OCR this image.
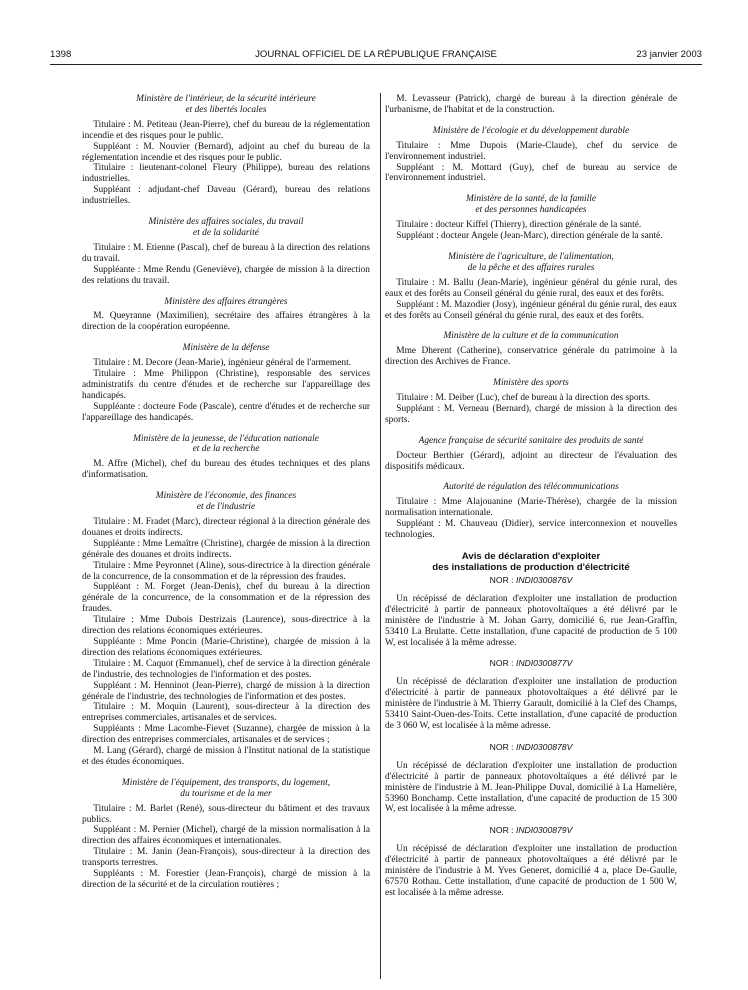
1398	JOURNAL OFFICIEL DE LA RÉPUBLIQUE FRANÇAISE	23 janvier 2003
Ministère de l'intérieur, de la sécurité intérieure
et des libertés locales

Titulaire : M. Petiteau (Jean-Pierre), chef du bureau de la réglementation incendie et des risques pour le public.

Suppléant : M. Nouvier (Bernard), adjoint au chef du bureau de la réglementation incendie et des risques pour le public.

Titulaire : lieutenant-colonel Fleury (Philippe), bureau des relations industrielles.

Suppléant : adjudant-chef Daveau (Gérard), bureau des relations industrielles.

Ministère des affaires sociales, du travail
et de la solidarité

Titulaire : M. Etienne (Pascal), chef de bureau à la direction des relations du travail.

Suppléante : Mme Rendu (Geneviève), chargée de mission à la direction des relations du travail.

Ministère des affaires étrangères

M. Queyranne (Maximilien), secrétaire des affaires étrangères à la direction de la coopération européenne.

Ministère de la défense

Titulaire : M. Decore (Jean-Marie), ingénieur général de l'armement.

Titulaire : Mme Philippon (Christine), responsable des services administratifs du centre d'études et de recherche sur l'appareillage des handicapés.

Suppléante : docteure Fode (Pascale), centre d'études et de recherche sur l'appareillage des handicapés.

Ministère de la jeunesse, de l'éducation nationale
et de la recherche

M. Affre (Michel), chef du bureau des études techniques et des plans d'informatisation.

Ministère de l'économie, des finances
et de l'industrie

Titulaire : M. Fradet (Marc), directeur régional à la direction générale des douanes et droits indirects.

Suppléante : Mme Lemaître (Christine), chargée de mission à la direction générale des douanes et droits indirects.

Titulaire : Mme Peyronnet (Aline), sous-directrice à la direction générale de la concurrence, de la consommation et de la répression des fraudes.

Suppléant : M. Forget (Jean-Denis), chef du bureau à la direction générale de la concurrence, de la consommation et de la répression des fraudes.

Titulaire : Mme Dubois Destrizais (Laurence), sous-directrice à la direction des relations économiques extérieures.

Suppléante : Mme Poncin (Marie-Christine), chargée de mission à la direction des relations économiques extérieures.

Titulaire : M. Caquot (Emmanuel), chef de service à la direction générale de l'industrie, des technologies de l'information et des postes.

Suppléant : M. Henninot (Jean-Pierre), chargé de mission à la direction générale de l'industrie, des technologies de l'information et des postes.

Titulaire : M. Moquin (Laurent), sous-directeur à la direction des entreprises commerciales, artisanales et de services.

Suppléants : Mme Lacombe-Fievet (Suzanne), chargée de mission à la direction des entreprises commerciales, artisanales et de services ;

M. Lang (Gérard), chargé de mission à l'Institut national de la statistique et des études économiques.

Ministère de l'équipement, des transports, du logement,
du tourisme et de la mer

Titulaire : M. Barlet (René), sous-directeur du bâtiment et des travaux publics.

Suppléant : M. Pernier (Michel), chargé de la mission normalisation à la direction des affaires économiques et internationales.

Titulaire : M. Janin (Jean-François), sous-directeur à la direction des transports terrestres.

Suppléants : M. Forestier (Jean-François), chargé de mission à la direction de la sécurité et de la circulation routières ;

M. Levasseur (Patrick), chargé de bureau à la direction générale de l'urbanisme, de l'habitat et de la construction.

Ministère de l'écologie et du développement durable

Titulaire : Mme Dupois (Marie-Claude), chef du service de l'environnement industriel.

Suppléant : M. Mottard (Guy), chef de bureau au service de l'environnement industriel.

Ministère de la santé, de la famille
et des personnes handicapées

Titulaire : docteur Kiffel (Thierry), direction générale de la santé.

Suppléant : docteur Angele (Jean-Marc), direction générale de la santé.

Ministère de l'agriculture, de l'alimentation,
de la pêche et des affaires rurales

Titulaire : M. Ballu (Jean-Marie), ingénieur général du génie rural, des eaux et des forêts au Conseil général du génie rural, des eaux et des forêts.

Suppléant : M. Mazodier (Josy), ingénieur général du génie rural, des eaux et des forêts au Conseil général du génie rural, des eaux et des forêts.

Ministère de la culture et de la communication

Mme Dherent (Catherine), conservatrice générale du patrimoine à la direction des Archives de France.

Ministère des sports

Titulaire : M. Deiber (Luc), chef de bureau à la direction des sports.

Suppléant : M. Verneau (Bernard), chargé de mission à la direction des sports.

Agence française de sécurité sanitaire des produits de santé

Docteur Berthier (Gérard), adjoint au directeur de l'évaluation des dispositifs médicaux.

Autorité de régulation des télécommunications

Titulaire : Mme Alajouanine (Marie-Thérèse), chargée de la mission normalisation internationale.

Suppléant : M. Chauveau (Didier), service interconnexion et nouvelles technologies.

Avis de déclaration d'exploiter
des installations de production d'électricité
NOR : INDI0300876V

Un récépissé de déclaration d'exploiter une installation de production d'électricité à partir de panneaux photovoltaïques a été délivré par le ministère de l'industrie à M. Johan Garry, domicilié 6, rue Jean-Graffin, 53410 La Brulatte. Cette installation, d'une capacité de production de 5 100 W, est localisée à la même adresse.

NOR : INDI0300877V

Un récépissé de déclaration d'exploiter une installation de production d'électricité à partir de panneaux photovoltaïques a été délivré par le ministère de l'industrie à M. Thierry Garault, domicilié à la Clef des Champs, 53410 Saint-Ouen-des-Toits. Cette installation, d'une capacité de production de 3 060 W, est localisée à la même adresse.

NOR : INDI0300878V

Un récépissé de déclaration d'exploiter une installation de production d'électricité à partir de panneaux photovoltaïques a été délivré par le ministère de l'industrie à M. Jean-Philippe Duval, domicilié à La Hamelière, 53960 Bonchamp. Cette installation, d'une capacité de production de 15 300 W, est localisée à la même adresse.

NOR : INDI0300879V

Un récépissé de déclaration d'exploiter une installation de production d'électricité à partir de panneaux photovoltaïques a été délivré par le ministère de l'industrie à M. Yves Generet, domicilié 4 a, place De-Gaulle, 67570 Rothau. Cette installation, d'une capacité de production de 1 500 W, est localisée à la même adresse.
